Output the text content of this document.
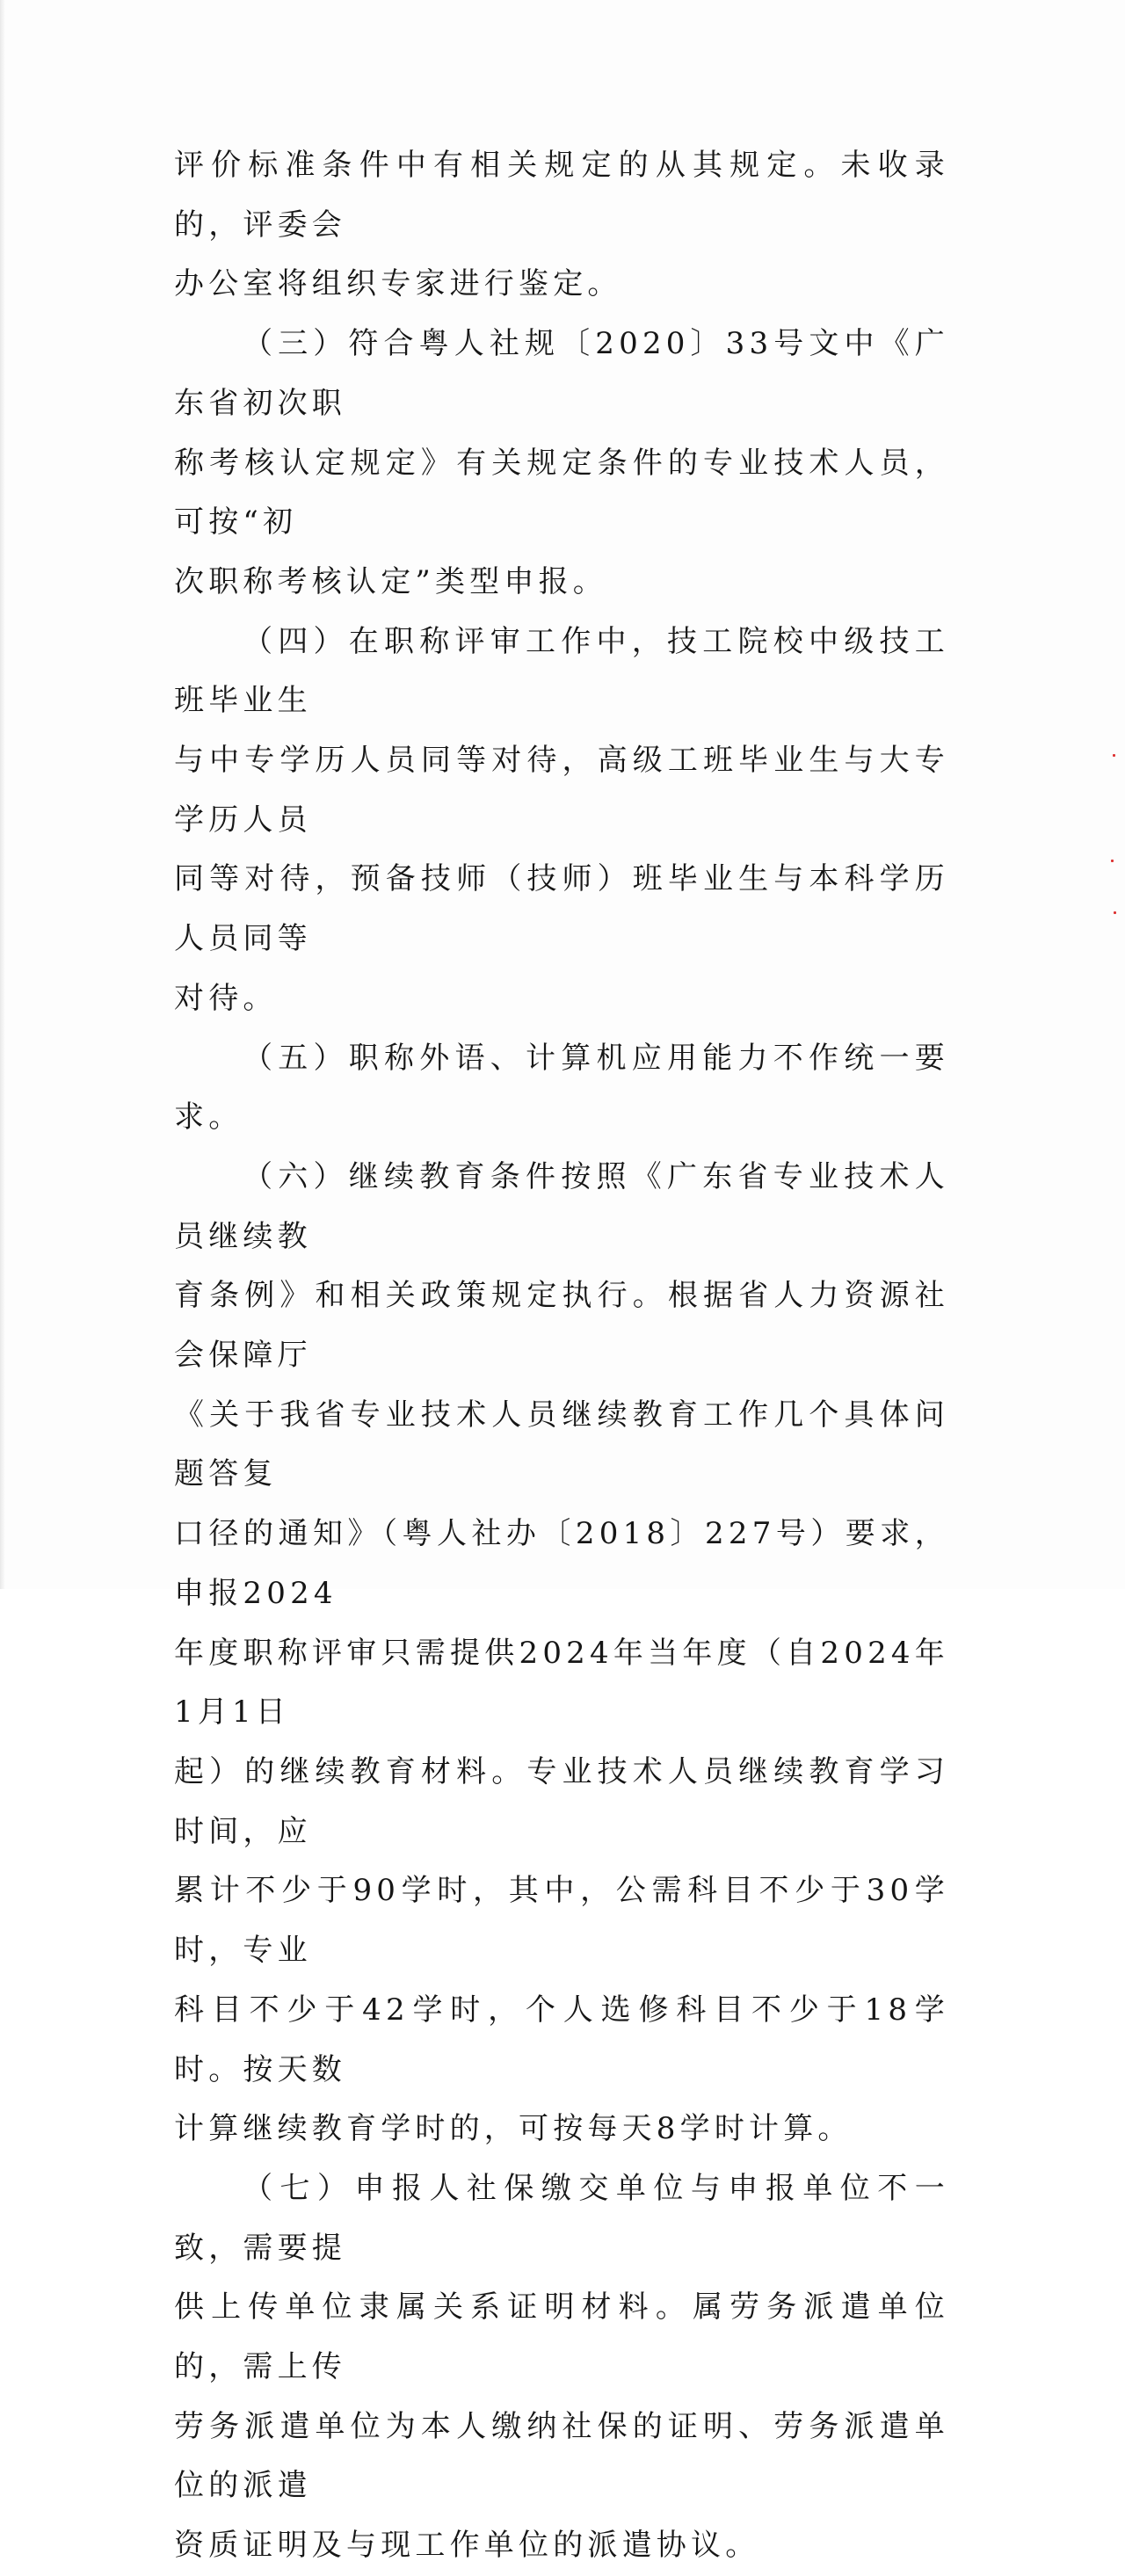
评价标准条件中有相关规定的从其规定。未收录的，评委会

办公室将组织专家进行鉴定。

（三）符合粤人社规〔2020〕33号文中《广东省初次职

称考核认定规定》有关规定条件的专业技术人员，可按“初

次职称考核认定”类型申报。

（四）在职称评审工作中，技工院校中级技工班毕业生

与中专学历人员同等对待，高级工班毕业生与大专学历人员

同等对待，预备技师（技师）班毕业生与本科学历人员同等

对待。

（五）职称外语、计算机应用能力不作统一要求。

（六）继续教育条件按照《广东省专业技术人员继续教

育条例》和相关政策规定执行。根据省人力资源社会保障厅

《关于我省专业技术人员继续教育工作几个具体问题答复

口径的通知》（粤人社办〔2018〕227号）要求，申报2024

年度职称评审只需提供2024年当年度（自2024年1月1日

起）的继续教育材料。专业技术人员继续教育学习时间，应

累计不少于90学时，其中，公需科目不少于30学时，专业

科目不少于42学时，个人选修科目不少于18学时。按天数

计算继续教育学时的，可按每天8学时计算。

（七）申报人社保缴交单位与申报单位不一致，需要提

供上传单位隶属关系证明材料。属劳务派遣单位的，需上传

劳务派遣单位为本人缴纳社保的证明、劳务派遣单位的派遣

资质证明及与现工作单位的派遣协议。
